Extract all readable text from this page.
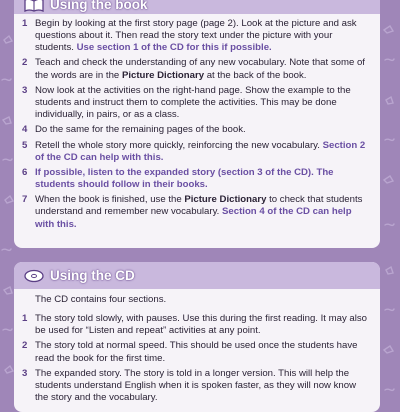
Using the book
1 Begin by looking at the first story page (page 2). Look at the picture and ask questions about it. Then read the story text under the picture with your students. Use section 1 of the CD for this if possible.
2 Teach and check the understanding of any new vocabulary. Note that some of the words are in the Picture Dictionary at the back of the book.
3 Now look at the activities on the right-hand page. Show the example to the students and instruct them to complete the activities. This may be done individually, in pairs, or as a class.
4 Do the same for the remaining pages of the book.
5 Retell the whole story more quickly, reinforcing the new vocabulary. Section 2 of the CD can help with this.
6 If possible, listen to the expanded story (section 3 of the CD). The students should follow in their books.
7 When the book is finished, use the Picture Dictionary to check that students understand and remember new vocabulary. Section 4 of the CD can help with this.
Using the CD
The CD contains four sections.
1 The story told slowly, with pauses. Use this during the first reading. It may also be used for “Listen and repeat” activities at any point.
2 The story told at normal speed. This should be used once the students have read the book for the first time.
3 The expanded story. The story is told in a longer version. This will help the students understand English when it is spoken faster, as they will now know the story and the vocabulary.
